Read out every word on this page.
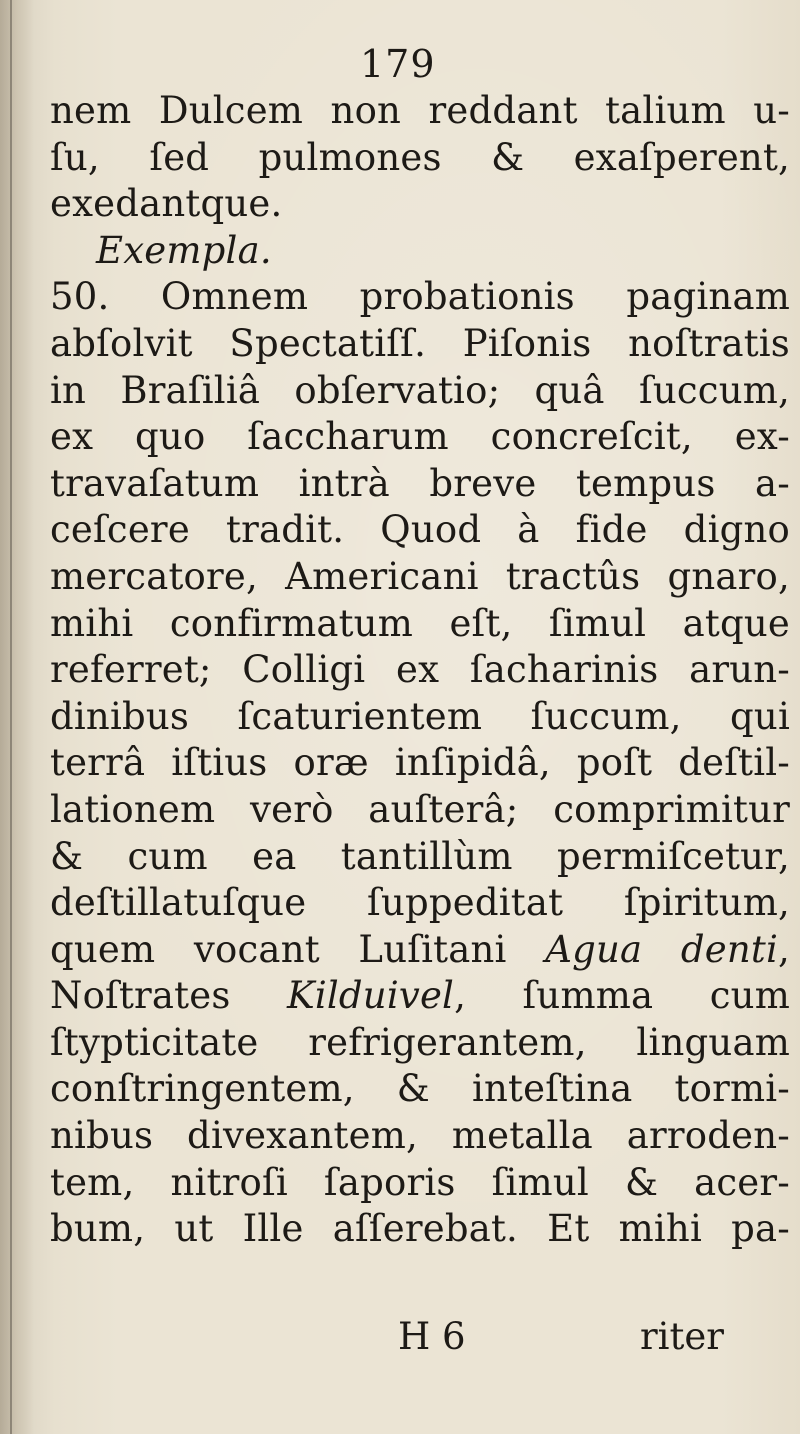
179
nem Dulcem non reddant talium u-
ſu, ſed pulmones & exaſperent,
exedantque.
Exempla.
50. Omnem probationis paginam
abſolvit Spectatiſſ. Piſonis noſtratis
in Braſiliâ obſervatio; quâ ſuccum,
ex quo ſaccharum concreſcit, ex-
travaſatum intrà breve tempus a-
ceſcere tradit. Quod à fide digno
mercatore, Americani tractûs gnaro,
mihi confirmatum eſt, ſimul atque
referret; Colligi ex ſacharinis arun-
dinibus ſcaturientem ſuccum, qui
terrâ iſtius oræ inſipidâ, poſt deſtil-
lationem verò auſterâ; comprimitur
& cum ea tantillùm permiſcetur,
deſtillatuſque ſuppeditat ſpiritum,
quem vocant Luſitani Agua denti,
Noſtrates Kilduivel, ſumma cum
ſtypticitate refrigerantem, linguam
conſtringentem, & inteſtina tormi-
nibus divexantem, metalla arroden-
tem, nitroſi ſaporis ſimul & acer-
bum, ut Ille aſſerebat. Et mihi pa-
H 6	riter
